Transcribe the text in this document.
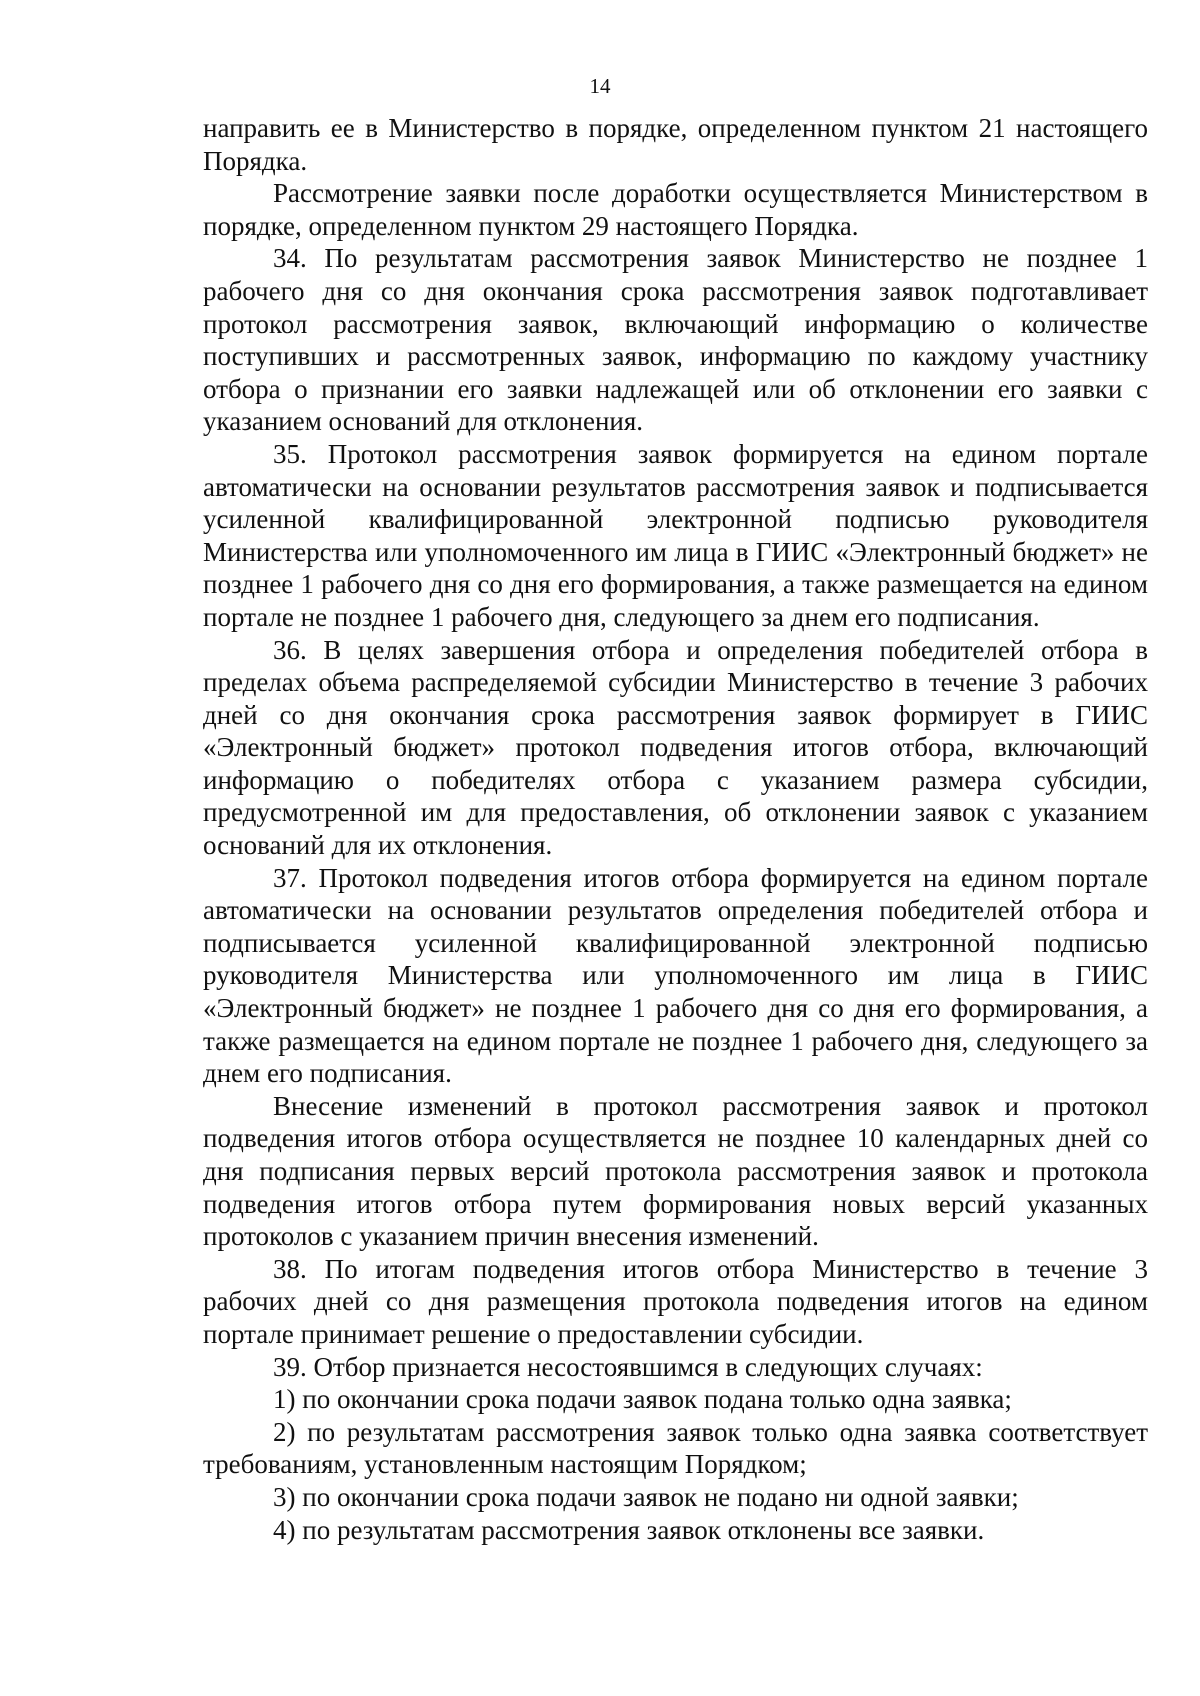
14

направить ее в Министерство в порядке, определенном пунктом 21 настоящего Порядка.

Рассмотрение заявки после доработки осуществляется Министерством в порядке, определенном пунктом 29 настоящего Порядка.

34. По результатам рассмотрения заявок Министерство не позднее 1 рабочего дня со дня окончания срока рассмотрения заявок подготавливает протокол рассмотрения заявок, включающий информацию о количестве поступивших и рассмотренных заявок, информацию по каждому участнику отбора о признании его заявки надлежащей или об отклонении его заявки с указанием оснований для отклонения.

35. Протокол рассмотрения заявок формируется на едином портале автоматически на основании результатов рассмотрения заявок и подписывается усиленной квалифицированной электронной подписью руководителя Министерства или уполномоченного им лица в ГИИС «Электронный бюджет» не позднее 1 рабочего дня со дня его формирования, а также размещается на едином портале не позднее 1 рабочего дня, следующего за днем его подписания.

36. В целях завершения отбора и определения победителей отбора в пределах объема распределяемой субсидии Министерство в течение 3 рабочих дней со дня окончания срока рассмотрения заявок формирует в ГИИС «Электронный бюджет» протокол подведения итогов отбора, включающий информацию о победителях отбора с указанием размера субсидии, предусмотренной им для предоставления, об отклонении заявок с указанием оснований для их отклонения.

37. Протокол подведения итогов отбора формируется на едином портале автоматически на основании результатов определения победителей отбора и подписывается усиленной квалифицированной электронной подписью руководителя Министерства или уполномоченного им лица в ГИИС «Электронный бюджет» не позднее 1 рабочего дня со дня его формирования, а также размещается на едином портале не позднее 1 рабочего дня, следующего за днем его подписания.

Внесение изменений в протокол рассмотрения заявок и протокол подведения итогов отбора осуществляется не позднее 10 календарных дней со дня подписания первых версий протокола рассмотрения заявок и протокола подведения итогов отбора путем формирования новых версий указанных протоколов с указанием причин внесения изменений.

38. По итогам подведения итогов отбора Министерство в течение 3 рабочих дней со дня размещения протокола подведения итогов на едином портале принимает решение о предоставлении субсидии.

39. Отбор признается несостоявшимся в следующих случаях:

1) по окончании срока подачи заявок подана только одна заявка;

2) по результатам рассмотрения заявок только одна заявка соответствует требованиям, установленным настоящим Порядком;

3) по окончании срока подачи заявок не подано ни одной заявки;

4) по результатам рассмотрения заявок отклонены все заявки.
